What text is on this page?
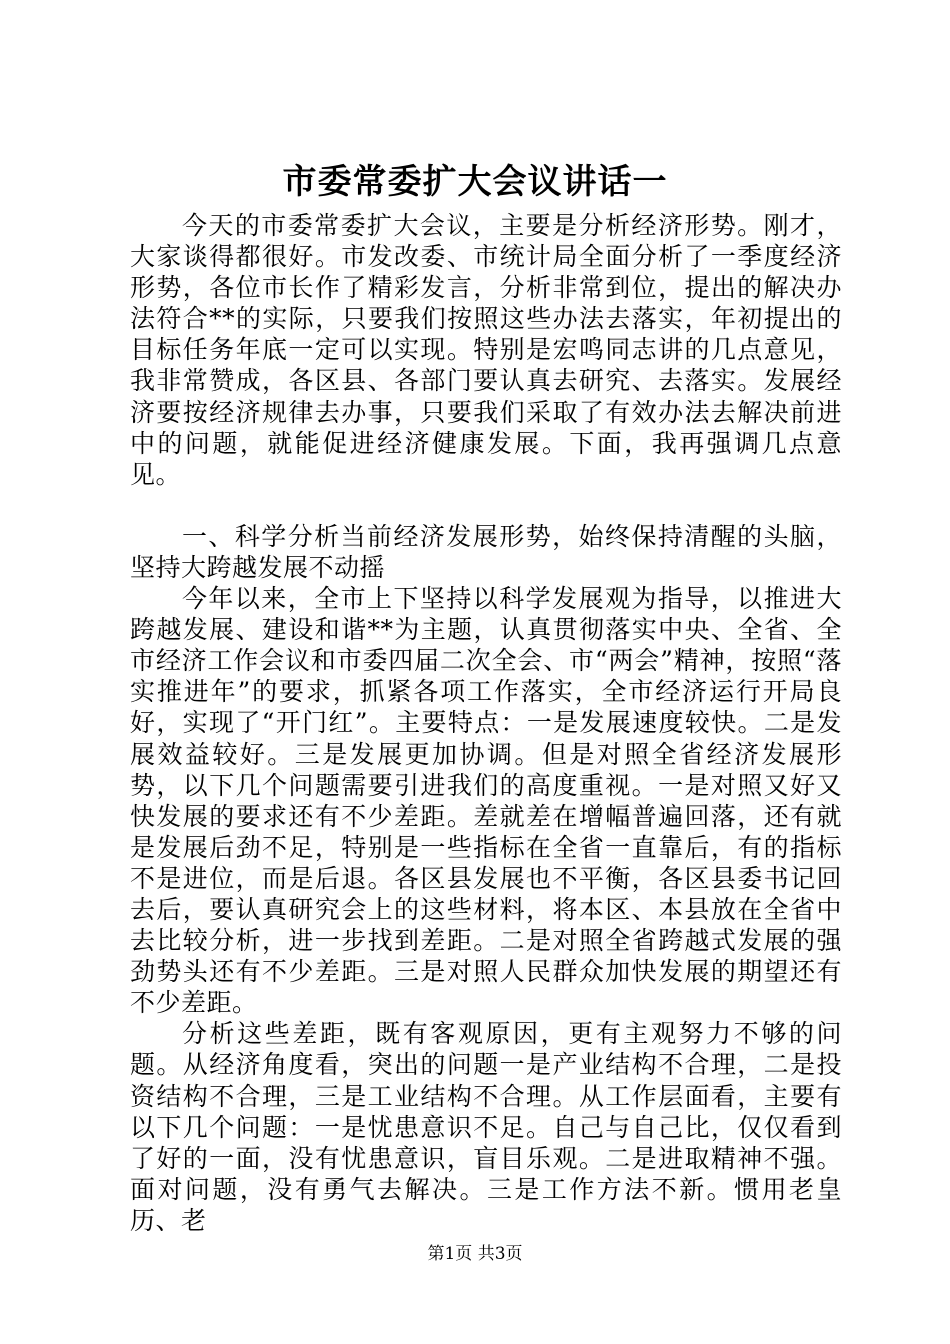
市委常委扩大会议讲话一

今天的市委常委扩大会议，主要是分析经济形势。刚才，大家谈得都很好。市发改委、市统计局全面分析了一季度经济形势，各位市长作了精彩发言，分析非常到位，提出的解决办法符合**的实际，只要我们按照这些办法去落实，年初提出的目标任务年底一定可以实现。特别是宏鸣同志讲的几点意见，我非常赞成，各区县、各部门要认真去研究、去落实。发展经济要按经济规律去办事，只要我们采取了有效办法去解决前进中的问题，就能促进经济健康发展。下面，我再强调几点意见。

一、科学分析当前经济发展形势，始终保持清醒的头脑，坚持大跨越发展不动摇

今年以来，全市上下坚持以科学发展观为指导，以推进大跨越发展、建设和谐**为主题，认真贯彻落实中央、全省、全市经济工作会议和市委四届二次全会、市“两会”精神，按照“落实推进年”的要求，抓紧各项工作落实，全市经济运行开局良好，实现了“开门红”。主要特点：一是发展速度较快。二是发展效益较好。三是发展更加协调。但是对照全省经济发展形势，以下几个问题需要引进我们的高度重视。一是对照又好又快发展的要求还有不少差距。差就差在增幅普遍回落，还有就是发展后劲不足，特别是一些指标在全省一直靠后，有的指标不是进位，而是后退。各区县发展也不平衡，各区县委书记回去后，要认真研究会上的这些材料，将本区、本县放在全省中去比较分析，进一步找到差距。二是对照全省跨越式发展的强劲势头还有不少差距。三是对照人民群众加快发展的期望还有不少差距。

分析这些差距，既有客观原因，更有主观努力不够的问题。从经济角度看，突出的问题一是产业结构不合理，二是投资结构不合理，三是工业结构不合理。从工作层面看，主要有以下几个问题：一是忧患意识不足。自己与自己比，仅仅看到了好的一面，没有忧患意识，盲目乐观。二是进取精神不强。面对问题，没有勇气去解决。三是工作方法不新。惯用老皇历、老

第1页 共3页
